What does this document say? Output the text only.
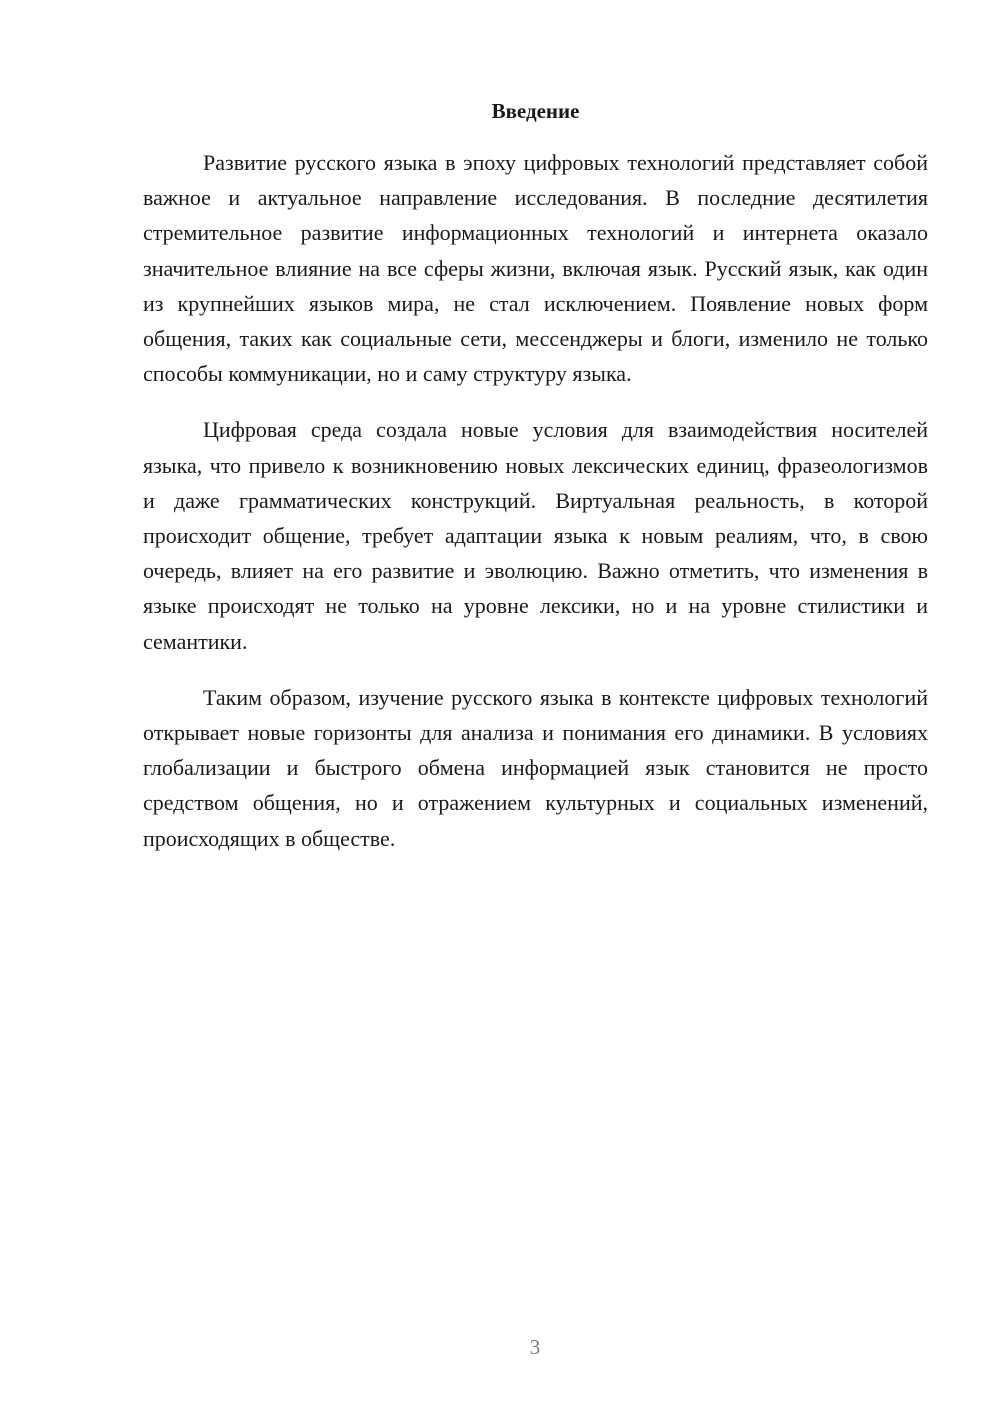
Введение

Развитие русского языка в эпоху цифровых технологий представляет собой важное и актуальное направление исследования. В последние десятилетия стремительное развитие информационных технологий и интернета оказало значительное влияние на все сферы жизни, включая язык. Русский язык, как один из крупнейших языков мира, не стал исключением. Появление новых форм общения, таких как социальные сети, мессенджеры и блоги, изменило не только способы коммуникации, но и саму структуру языка.

Цифровая среда создала новые условия для взаимодействия носителей языка, что привело к возникновению новых лексических единиц, фразеологизмов и даже грамматических конструкций. Виртуальная реальность, в которой происходит общение, требует адаптации языка к новым реалиям, что, в свою очередь, влияет на его развитие и эволюцию. Важно отметить, что изменения в языке происходят не только на уровне лексики, но и на уровне стилистики и семантики.

Таким образом, изучение русского языка в контексте цифровых технологий открывает новые горизонты для анализа и понимания его динамики. В условиях глобализации и быстрого обмена информацией язык становится не просто средством общения, но и отражением культурных и социальных изменений, происходящих в обществе.

3
